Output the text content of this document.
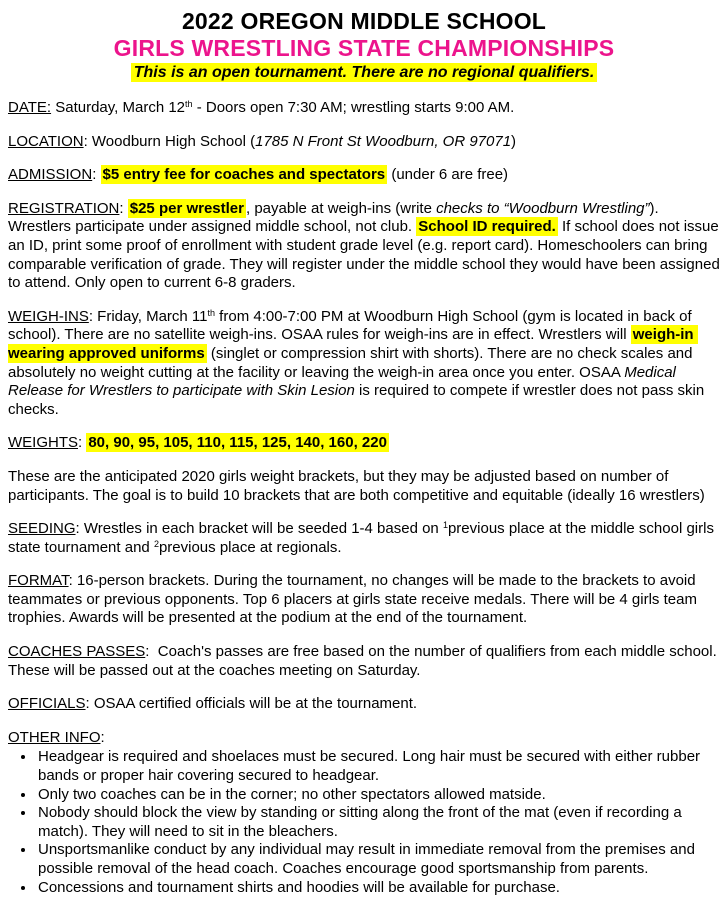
2022 OREGON MIDDLE SCHOOL
GIRLS WRESTLING STATE CHAMPIONSHIPS
This is an open tournament. There are no regional qualifiers.

DATE: Saturday, March 12th - Doors open 7:30 AM; wrestling starts 9:00 AM.

LOCATION: Woodburn High School (1785 N Front St Woodburn, OR 97071)

ADMISSION: $5 entry fee for coaches and spectators (under 6 are free)

REGISTRATION: $25 per wrestler , payable at weigh-ins (write checks to “Woodburn Wrestling”). Wrestlers participate under assigned middle school, not club. School ID required. If school does not issue an ID, print some proof of enrollment with student grade level (e.g. report card). Homeschoolers can bring comparable verification of grade. They will register under the middle school they would have been assigned to attend. Only open to current 6-8 graders.

WEIGH-INS: Friday, March 11th from 4:00-7:00 PM at Woodburn High School (gym is located in back of school). There are no satellite weigh-ins. OSAA rules for weigh-ins are in effect. Wrestlers will weigh-in wearing approved uniforms (singlet or compression shirt with shorts). There are no check scales and absolutely no weight cutting at the facility or leaving the weigh-in area once you enter. OSAA Medical Release for Wrestlers to participate with Skin Lesion is required to compete if wrestler does not pass skin checks.

WEIGHTS: 80, 90, 95, 105, 110, 115, 125, 140, 160, 220

These are the anticipated 2020 girls weight brackets, but they may be adjusted based on number of participants. The goal is to build 10 brackets that are both competitive and equitable (ideally 16 wrestlers)

SEEDING: Wrestles in each bracket will be seeded 1-4 based on $^1$previous place at the middle school girls state tournament and $^2$previous place at regionals.

FORMAT: 16-person brackets. During the tournament, no changes will be made to the brackets to avoid teammates or previous opponents. Top 6 placers at girls state receive medals. There will be 4 girls team trophies. Awards will be presented at the podium at the end of the tournament.

COACHES PASSES:  Coach's passes are free based on the number of qualifiers from each middle school. These will be passed out at the coaches meeting on Saturday.

OFFICIALS: OSAA certified officials will be at the tournament.

OTHER INFO:

• Headgear is required and shoelaces must be secured. Long hair must be secured with either rubber bands or proper hair covering secured to headgear.
• Only two coaches can be in the corner; no other spectators allowed matside.
• Nobody should block the view by standing or sitting along the front of the mat (even if recording a match). They will need to sit in the bleachers.
• Unsportsmanlike conduct by any individual may result in immediate removal from the premises and possible removal of the head coach. Coaches encourage good sportsmanship from parents.
• Concessions and tournament shirts and hoodies will be available for purchase.
